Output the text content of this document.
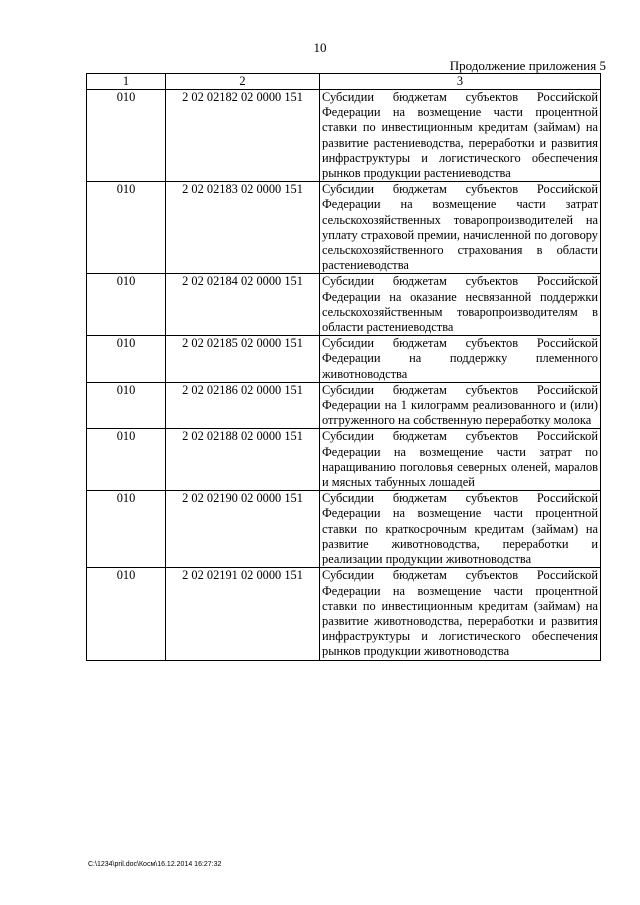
10
Продолжение приложения 5
1	2	3
010	2 02 02182 02 0000 151	Субсидии бюджетам субъектов Российской Федерации на возмещение части процентной ставки по инвестиционным кредитам (займам) на развитие растениеводства, переработки и развития инфраструктуры и логистического обеспечения рынков продукции растениеводства
010	2 02 02183 02 0000 151	Субсидии бюджетам субъектов Российской Федерации на возмещение части затрат сельскохозяйственных товаропроизводителей на уплату страховой премии, начисленной по договору сельскохозяйственного страхования в области растениеводства
010	2 02 02184 02 0000 151	Субсидии бюджетам субъектов Российской Федерации на оказание несвязанной поддержки сельскохозяйственным товаропроизводителям в области растениеводства
010	2 02 02185 02 0000 151	Субсидии бюджетам субъектов Российской Федерации на поддержку племенного животноводства
010	2 02 02186 02 0000 151	Субсидии бюджетам субъектов Российской Федерации на 1 килограмм реализованного и (или) отгруженного на собственную переработку молока
010	2 02 02188 02 0000 151	Субсидии бюджетам субъектов Российской Федерации на возмещение части затрат по наращиванию поголовья северных оленей, маралов и мясных табунных лошадей
010	2 02 02190 02 0000 151	Субсидии бюджетам субъектов Российской Федерации на возмещение части процентной ставки по краткосрочным кредитам (займам) на развитие животноводства, переработки и реализации продукции животноводства
010	2 02 02191 02 0000 151	Субсидии бюджетам субъектов Российской Федерации на возмещение части процентной ставки по инвестиционным кредитам (займам) на развитие животноводства, переработки и развития инфраструктуры и логистического обеспечения рынков продукции животноводства
C:\1234\pril.doc\Косм\16.12.2014 16:27:32
